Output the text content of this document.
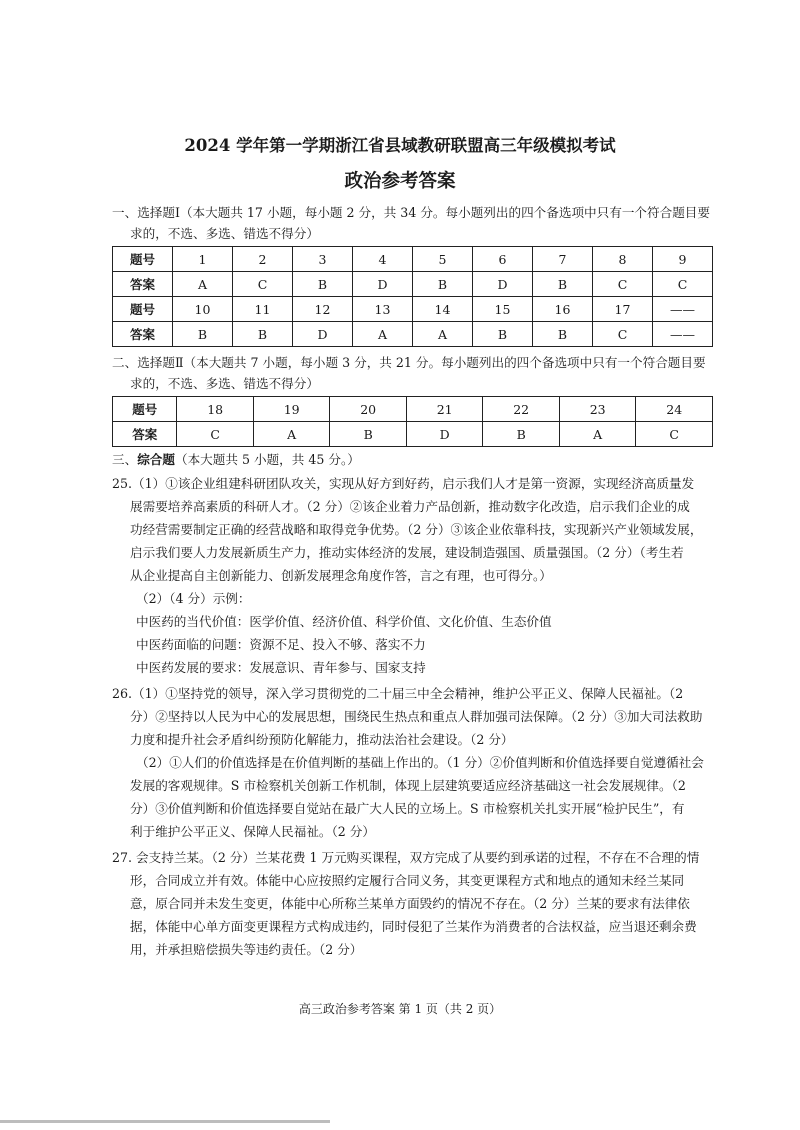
2024 学年第一学期浙江省县域教研联盟高三年级模拟考试
政治参考答案
一、选择题Ⅰ（本大题共 17 小题，每小题 2 分，共 34 分。每小题列出的四个备选项中只有一个符合题目要
求的，不选、多选、错选不得分）
题号	1	2	3	4	5	6	7	8	9
答案	A	C	B	D	B	D	B	C	C
题号	10	11	12	13	14	15	16	17	——
答案	B	B	D	A	A	B	B	C	——
二、选择题Ⅱ（本大题共 7 小题，每小题 3 分，共 21 分。每小题列出的四个备选项中只有一个符合题目要
求的，不选、多选、错选不得分）
题号	18	19	20	21	22	23	24
答案	C	A	B	D	B	A	C
三、综合题（本大题共 5 小题，共 45 分。）
25.（1）①该企业组建科研团队攻关，实现从好方到好药，启示我们人才是第一资源，实现经济高质量发
展需要培养高素质的科研人才。（2 分）②该企业着力产品创新，推动数字化改造，启示我们企业的成
功经营需要制定正确的经营战略和取得竞争优势。（2 分）③该企业依靠科技，实现新兴产业领域发展，
启示我们要人力发展新质生产力，推动实体经济的发展，建设制造强国、质量强国。（2 分）（考生若
从企业提高自主创新能力、创新发展理念角度作答，言之有理，也可得分。）
（2）（4 分）示例：
中医药的当代价值：医学价值、经济价值、科学价值、文化价值、生态价值
中医药面临的问题：资源不足、投入不够、落实不力
中医药发展的要求：发展意识、青年参与、国家支持
26.（1）①坚持党的领导，深入学习贯彻党的二十届三中全会精神，维护公平正义、保障人民福祉。（2
分）②坚持以人民为中心的发展思想，围绕民生热点和重点人群加强司法保障。（2 分）③加大司法救助
力度和提升社会矛盾纠纷预防化解能力，推动法治社会建设。（2 分）
（2）①人们的价值选择是在价值判断的基础上作出的。（1 分）②价值判断和价值选择要自觉遵循社会
发展的客观规律。S 市检察机关创新工作机制，体现上层建筑要适应经济基础这一社会发展规律。（2
分）③价值判断和价值选择要自觉站在最广大人民的立场上。S 市检察机关扎实开展“检护民生”，有
利于维护公平正义、保障人民福祉。（2 分）
27. 会支持兰某。（2 分）兰某花费 1 万元购买课程，双方完成了从要约到承诺的过程，不存在不合理的情
形，合同成立并有效。体能中心应按照约定履行合同义务，其变更课程方式和地点的通知未经兰某同
意，原合同并未发生变更，体能中心所称兰某单方面毁约的情况不存在。（2 分）兰某的要求有法律依
据，体能中心单方面变更课程方式构成违约，同时侵犯了兰某作为消费者的合法权益，应当退还剩余费
用，并承担赔偿损失等违约责任。（2 分）
高三政治参考答案 第 1 页（共 2 页）
